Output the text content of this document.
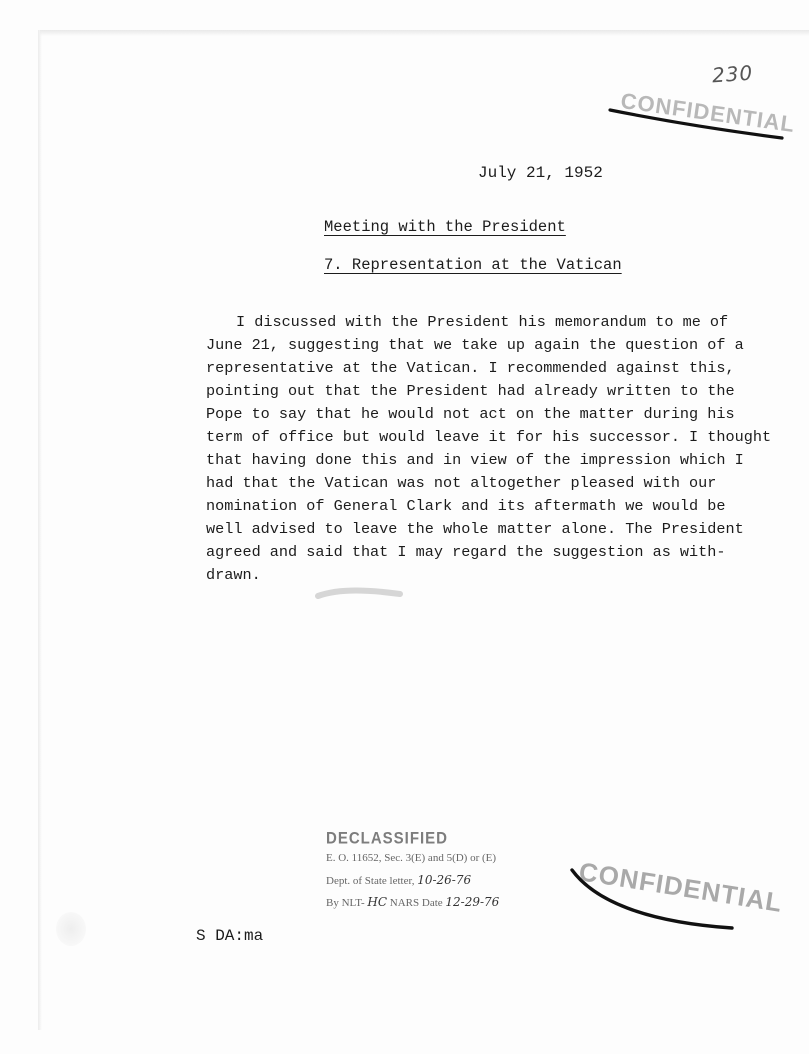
230
CONFIDENTIAL
July 21, 1952
Meeting with the President
7. Representation at the Vatican
I discussed with the President his memorandum to me of
June 21, suggesting that we take up again the question of a
representative at the Vatican. I recommended against this,
pointing out that the President had already written to the
Pope to say that he would not act on the matter during his
term of office but would leave it for his successor. I thought
that having done this and in view of the impression which I
had that the Vatican was not altogether pleased with our
nomination of General Clark and its aftermath we would be
well advised to leave the whole matter alone. The President
agreed and said that I may regard the suggestion as with-
drawn.
DECLASSIFIED
E. O. 11652, Sec. 3(E) and 5(D) or (E)
Dept. of State letter, 10-26-76
By NLT- HC NARS Date 12-29-76	CONFIDENTIAL
S DA:ma
